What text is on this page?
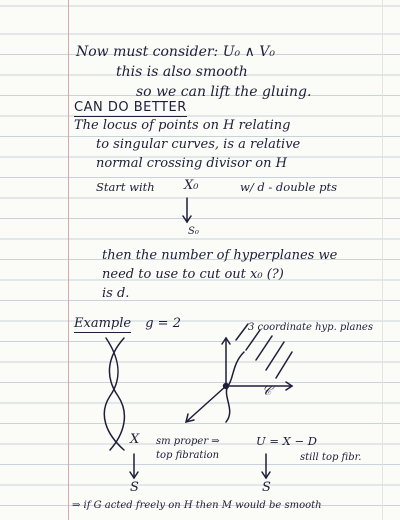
Now must consider: U₀ ∧ V₀
this is also smooth
so we can lift the gluing.
CAN DO BETTER
The locus of points on H relating
to singular curves, is a relative
normal crossing divisor on H
Start with X₀	w/ d - double pts
S₀
then the number of hyperplanes we
need to use to cut out x₀ (?)
is d.
Example g = 2	3 coordinate hyp. planes
𝒞
X
S
sm proper ⇒
top fibration
U = X − D
still top fibr.
S
⇒ if G acted freely on H then M would be smooth
